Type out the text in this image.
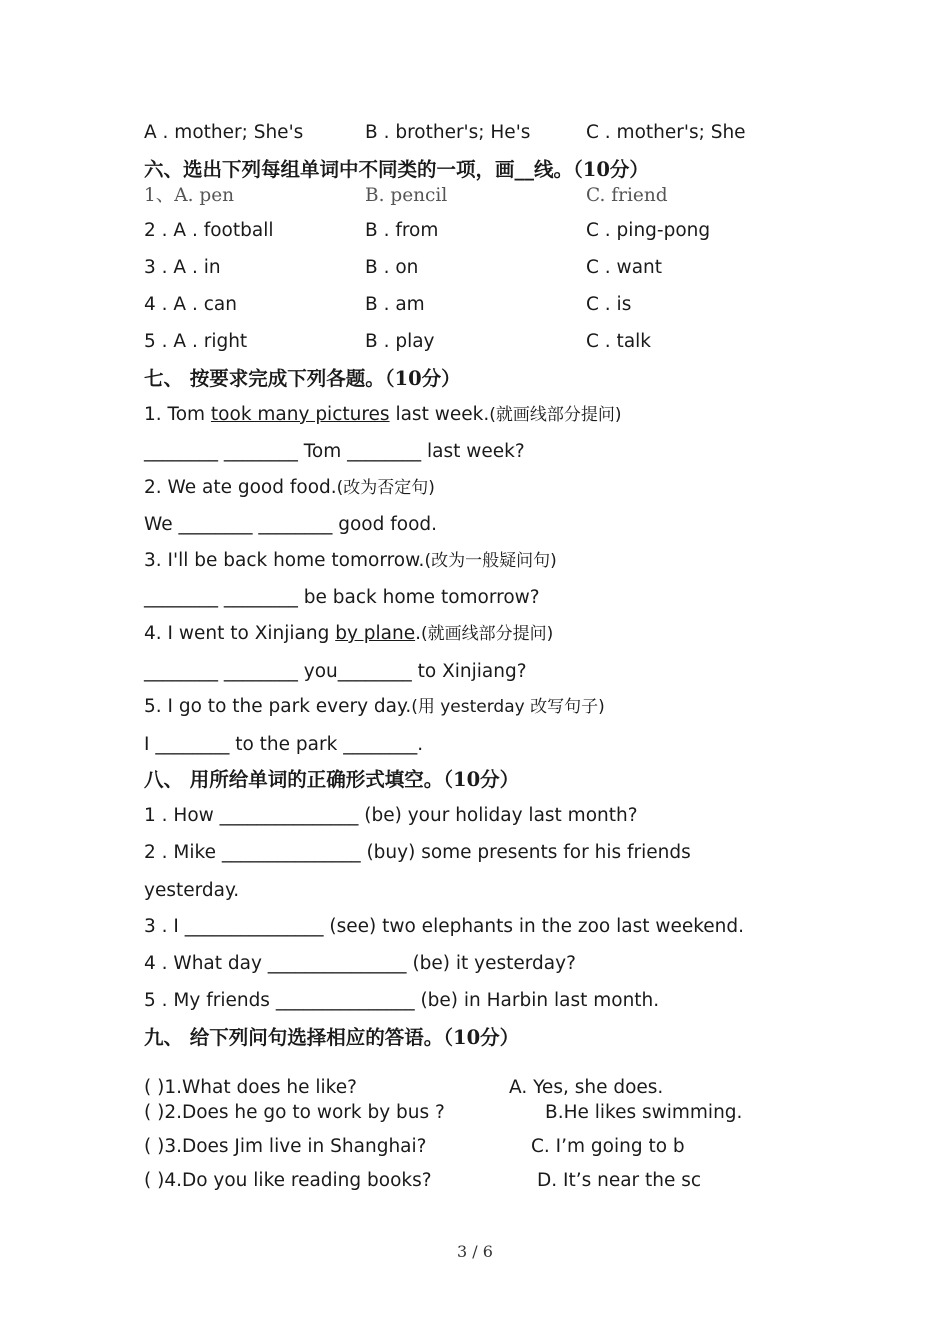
A . mother; She's	B . brother's; He's	C . mother's; She
六、选出下列每组单词中不同类的一项，画__线。（10分）
1、A. pen	B. pencil	C. friend
2 . A . football	B . from	C . ping-pong
3 . A . in	B . on	C . want
4 . A . can	B . am	C . is
5 . A . right	B . play	C . talk
七、 按要求完成下列各题。（10分）
1. Tom took many pictures last week.(就画线部分提问)
________ ________ Tom ________ last week?
2. We ate good food.(改为否定句)
We ________ ________ good food.
3. I'll be back home tomorrow.(改为一般疑问句)
________ ________ be back home tomorrow?
4. I went to Xinjiang by plane.(就画线部分提问)
________ ________ you________ to Xinjiang?
5. I go to the park every day.(用 yesterday 改写句子)
I ________ to the park ________.
八、 用所给单词的正确形式填空。（10分）
1 . How _______________ (be) your holiday last month?
2 . Mike _______________ (buy) some presents for his friends
yesterday.
3 . I _______________ (see) two elephants in the zoo last weekend.
4 . What day _______________ (be) it yesterday?
5 . My friends _______________ (be) in Harbin last month.
九、 给下列问句选择相应的答语。（10分）
( )1.What does he like?	A. Yes, she does.
( )2.Does he go to work by bus ?	B.He likes swimming.
( )3.Does Jim live in Shanghai?	C. I’m going to b
( )4.Do you like reading books?	D. It’s near the sc
3 / 6
